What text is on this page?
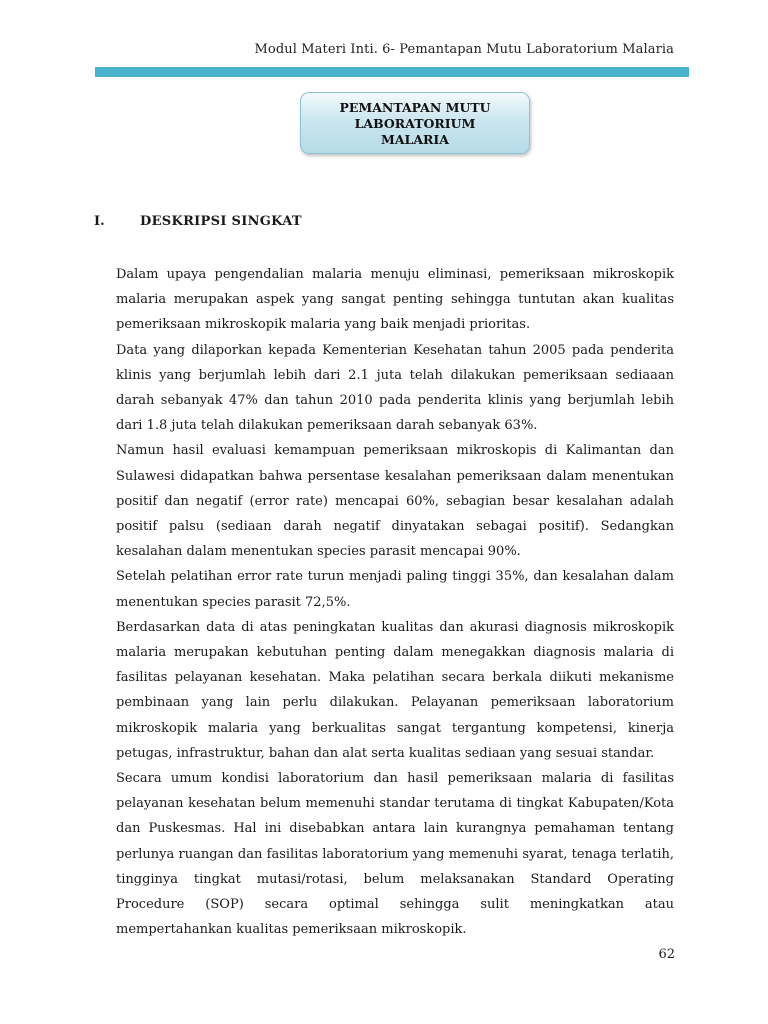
Modul Materi Inti. 6- Pemantapan Mutu Laboratorium Malaria
PEMANTAPAN MUTU
LABORATORIUM
MALARIA
I.	DESKRIPSI SINGKAT

Dalam upaya pengendalian malaria menuju eliminasi, pemeriksaan mikroskopik malaria merupakan aspek yang sangat penting sehingga tuntutan akan kualitas pemeriksaan mikroskopik malaria yang baik menjadi prioritas.

Data yang dilaporkan kepada Kementerian Kesehatan tahun 2005 pada penderita klinis yang berjumlah lebih dari 2.1 juta telah dilakukan pemeriksaan sediaaan darah sebanyak 47% dan tahun 2010 pada penderita klinis yang berjumlah lebih dari 1.8 juta telah dilakukan pemeriksaan darah sebanyak 63%.

Namun hasil evaluasi kemampuan pemeriksaan mikroskopis di Kalimantan dan Sulawesi didapatkan bahwa persentase kesalahan pemeriksaan dalam menentukan positif dan negatif (error rate) mencapai 60%, sebagian besar kesalahan adalah positif palsu (sediaan darah negatif dinyatakan sebagai positif). Sedangkan kesalahan dalam menentukan species parasit mencapai 90%.

Setelah pelatihan error rate turun menjadi paling tinggi 35%, dan kesalahan dalam menentukan species parasit 72,5%.

Berdasarkan data di atas peningkatan kualitas dan akurasi diagnosis mikroskopik malaria merupakan kebutuhan penting dalam menegakkan diagnosis malaria di fasilitas pelayanan kesehatan. Maka pelatihan secara berkala diikuti mekanisme pembinaan yang lain perlu dilakukan. Pelayanan pemeriksaan laboratorium mikroskopik malaria yang berkualitas sangat tergantung kompetensi, kinerja petugas, infrastruktur, bahan dan alat serta kualitas sediaan yang sesuai standar.

Secara umum kondisi laboratorium dan hasil pemeriksaan malaria di fasilitas pelayanan kesehatan belum memenuhi standar terutama di tingkat Kabupaten/Kota dan Puskesmas. Hal ini disebabkan antara lain kurangnya pemahaman tentang perlunya ruangan dan fasilitas laboratorium yang memenuhi syarat, tenaga terlatih, tingginya tingkat mutasi/rotasi, belum melaksanakan Standard Operating Procedure (SOP) secara optimal sehingga sulit meningkatkan atau mempertahankan kualitas pemeriksaan mikroskopik.

62
